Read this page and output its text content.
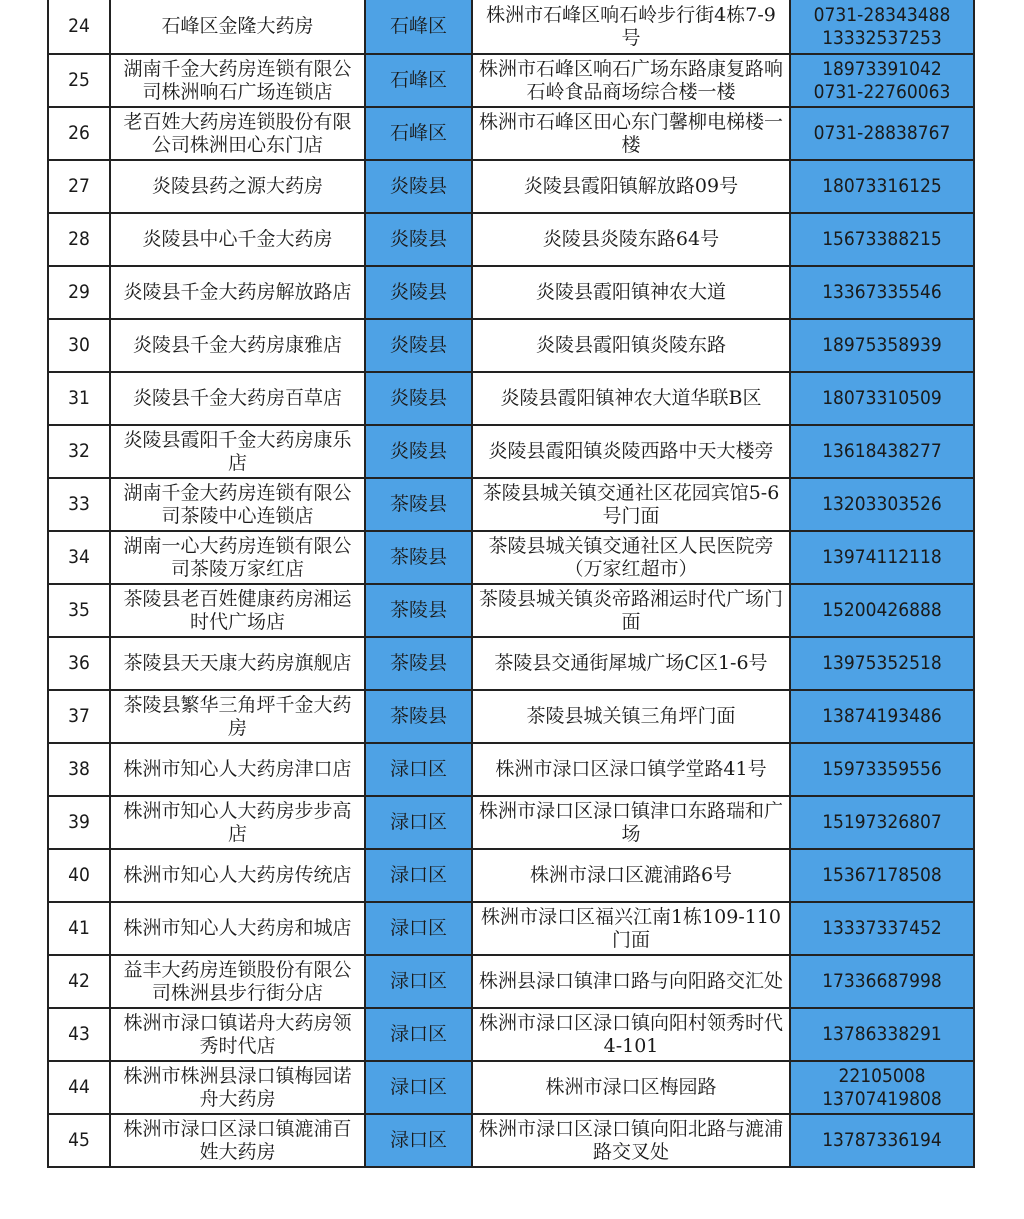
24	石峰区金隆大药房	石峰区	株洲市石峰区响石岭步行街4栋7-9号	0731-28343488
13332537253

25	湖南千金大药房连锁有限公司株洲响石广场连锁店	石峰区	株洲市石峰区响石广场东路康复路响石岭食品商场综合楼一楼	18973391042
0731-22760063

26	老百姓大药房连锁股份有限公司株洲田心东门店	石峰区	株洲市石峰区田心东门馨柳电梯楼一楼	0731-28838767

27	炎陵县药之源大药房	炎陵县	炎陵县霞阳镇解放路09号	18073316125

28	炎陵县中心千金大药房	炎陵县	炎陵县炎陵东路64号	15673388215

29	炎陵县千金大药房解放路店	炎陵县	炎陵县霞阳镇神农大道	13367335546

30	炎陵县千金大药房康雅店	炎陵县	炎陵县霞阳镇炎陵东路	18975358939

31	炎陵县千金大药房百草店	炎陵县	炎陵县霞阳镇神农大道华联B区	18073310509

32	炎陵县霞阳千金大药房康乐店	炎陵县	炎陵县霞阳镇炎陵西路中天大楼旁	13618438277

33	湖南千金大药房连锁有限公司茶陵中心连锁店	茶陵县	茶陵县城关镇交通社区花园宾馆5-6号门面	13203303526

34	湖南一心大药房连锁有限公司茶陵万家红店	茶陵县	茶陵县城关镇交通社区人民医院旁（万家红超市）	13974112118

35	茶陵县老百姓健康药房湘运时代广场店	茶陵县	茶陵县城关镇炎帝路湘运时代广场门面	15200426888

36	茶陵县天天康大药房旗舰店	茶陵县	茶陵县交通街犀城广场C区1-6号	13975352518

37	茶陵县繁华三角坪千金大药房	茶陵县	茶陵县城关镇三角坪门面	13874193486

38	株洲市知心人大药房津口店	渌口区	株洲市渌口区渌口镇学堂路41号	15973359556

39	株洲市知心人大药房步步高店	渌口区	株洲市渌口区渌口镇津口东路瑞和广场	15197326807

40	株洲市知心人大药房传统店	渌口区	株洲市渌口区漉浦路6号	15367178508

41	株洲市知心人大药房和城店	渌口区	株洲市渌口区福兴江南1栋109-110门面	13337337452

42	益丰大药房连锁股份有限公司株洲县步行街分店	渌口区	株洲县渌口镇津口路与向阳路交汇处	17336687998

43	株洲市渌口镇诺舟大药房领秀时代店	渌口区	株洲市渌口区渌口镇向阳村领秀时代4-101	13786338291

44	株洲市株洲县渌口镇梅园诺舟大药房	渌口区	株洲市渌口区梅园路	22105008
13707419808

45	株洲市渌口区渌口镇漉浦百姓大药房	渌口区	株洲市渌口区渌口镇向阳北路与漉浦路交叉处	13787336194
